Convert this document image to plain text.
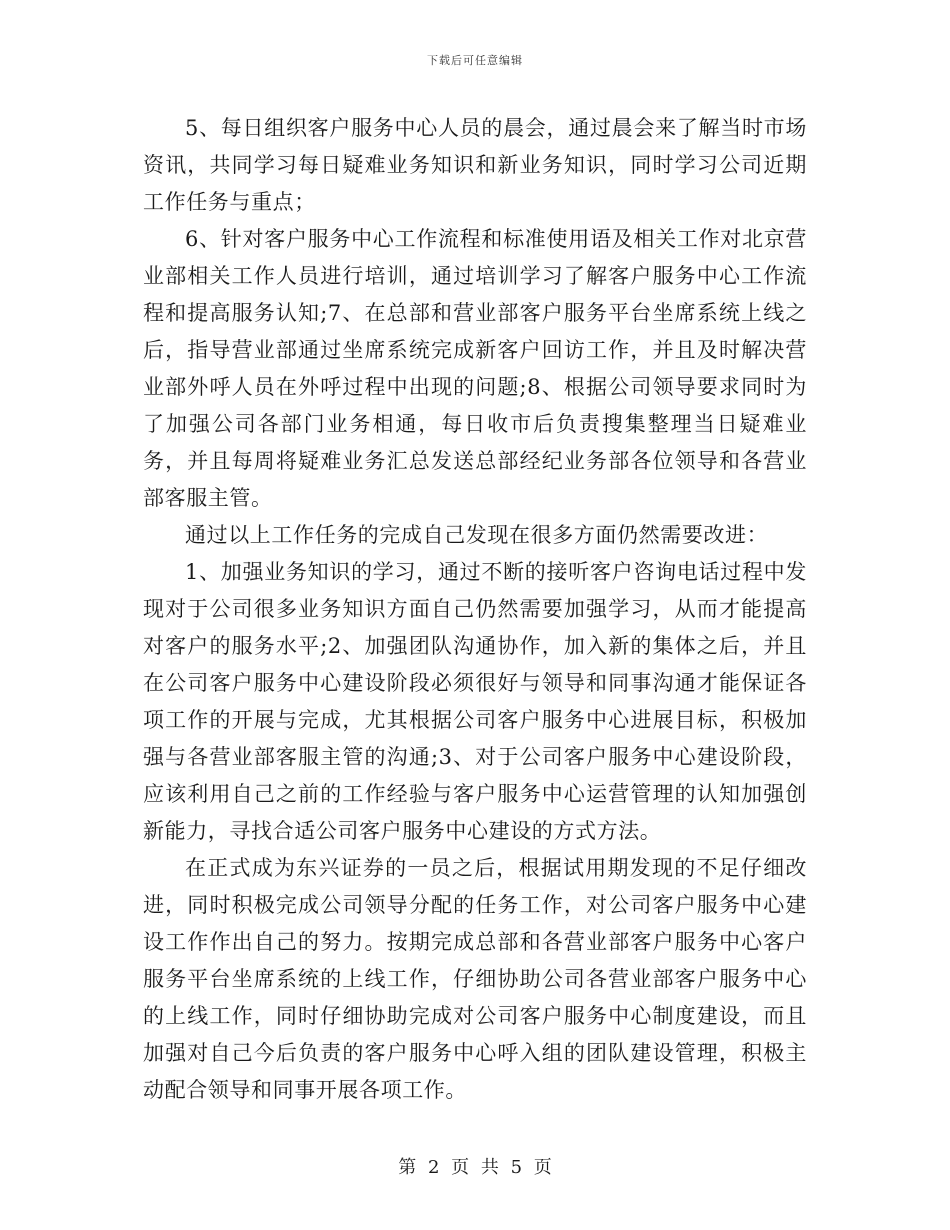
下载后可任意编辑

5、每日组织客户服务中心人员的晨会，通过晨会来了解当时市场资讯，共同学习每日疑难业务知识和新业务知识，同时学习公司近期工作任务与重点；

6、针对客户服务中心工作流程和标准使用语及相关工作对北京营业部相关工作人员进行培训，通过培训学习了解客户服务中心工作流程和提高服务认知;7、在总部和营业部客户服务平台坐席系统上线之后，指导营业部通过坐席系统完成新客户回访工作，并且及时解决营业部外呼人员在外呼过程中出现的问题;8、根据公司领导要求同时为了加强公司各部门业务相通，每日收市后负责搜集整理当日疑难业务，并且每周将疑难业务汇总发送总部经纪业务部各位领导和各营业部客服主管。

通过以上工作任务的完成自己发现在很多方面仍然需要改进：

1、加强业务知识的学习，通过不断的接听客户咨询电话过程中发现对于公司很多业务知识方面自己仍然需要加强学习，从而才能提高对客户的服务水平;2、加强团队沟通协作，加入新的集体之后，并且在公司客户服务中心建设阶段必须很好与领导和同事沟通才能保证各项工作的开展与完成，尤其根据公司客户服务中心进展目标，积极加强与各营业部客服主管的沟通;3、对于公司客户服务中心建设阶段，应该利用自己之前的工作经验与客户服务中心运营管理的认知加强创新能力，寻找合适公司客户服务中心建设的方式方法。

在正式成为东兴证券的一员之后，根据试用期发现的不足仔细改进，同时积极完成公司领导分配的任务工作，对公司客户服务中心建设工作作出自己的努力。按期完成总部和各营业部客户服务中心客户服务平台坐席系统的上线工作，仔细协助公司各营业部客户服务中心的上线工作，同时仔细协助完成对公司客户服务中心制度建设，而且加强对自己今后负责的客户服务中心呼入组的团队建设管理，积极主动配合领导和同事开展各项工作。

第 2 页 共 5 页
